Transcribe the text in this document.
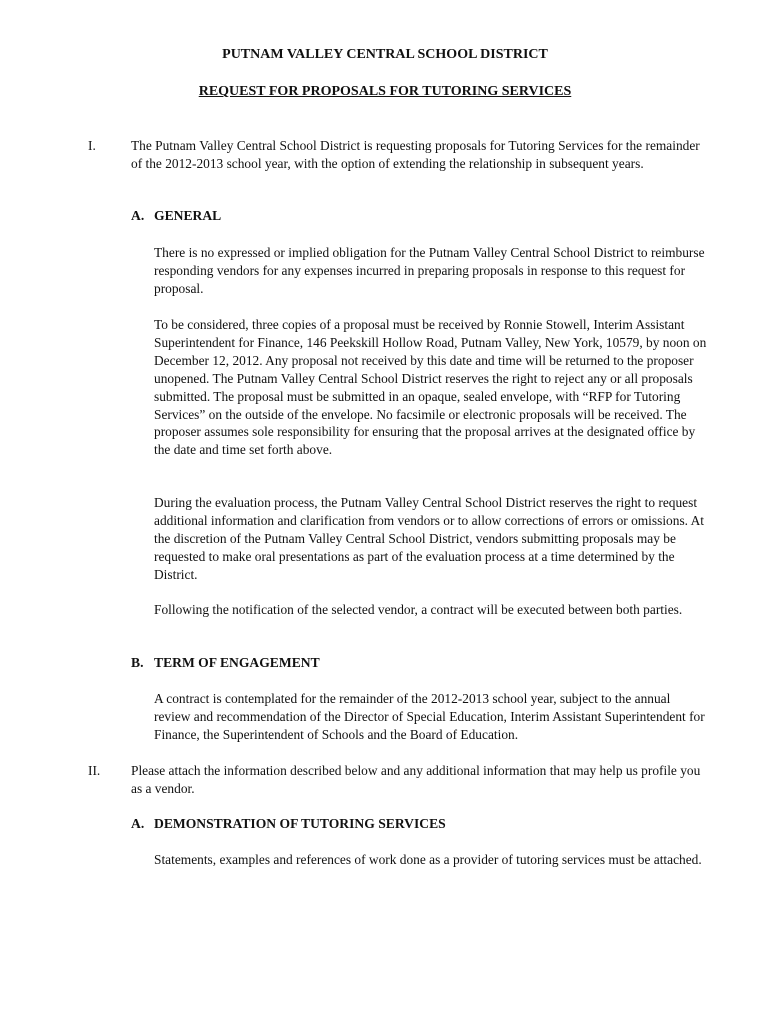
PUTNAM VALLEY CENTRAL SCHOOL DISTRICT
REQUEST FOR PROPOSALS FOR TUTORING SERVICES
I.	The Putnam Valley Central School District is requesting proposals for Tutoring Services for the remainder of the 2012-2013 school year, with the option of extending the relationship in subsequent years.

A. GENERAL

There is no expressed or implied obligation for the Putnam Valley Central School District to reimburse responding vendors for any expenses incurred in preparing proposals in response to this request for proposal.

To be considered, three copies of a proposal must be received by Ronnie Stowell, Interim Assistant Superintendent for Finance, 146 Peekskill Hollow Road, Putnam Valley, New York, 10579, by noon on December 12, 2012. Any proposal not received by this date and time will be returned to the proposer unopened. The Putnam Valley Central School District reserves the right to reject any or all proposals submitted. The proposal must be submitted in an opaque, sealed envelope, with “RFP for Tutoring Services” on the outside of the envelope. No facsimile or electronic proposals will be received. The proposer assumes sole responsibility for ensuring that the proposal arrives at the designated office by the date and time set forth above.

During the evaluation process, the Putnam Valley Central School District reserves the right to request additional information and clarification from vendors or to allow corrections of errors or omissions. At the discretion of the Putnam Valley Central School District, vendors submitting proposals may be requested to make oral presentations as part of the evaluation process at a time determined by the District.

Following the notification of the selected vendor, a contract will be executed between both parties.

B. TERM OF ENGAGEMENT

A contract is contemplated for the remainder of the 2012-2013 school year, subject to the annual review and recommendation of the Director of Special Education, Interim Assistant Superintendent for Finance, the Superintendent of Schools and the Board of Education.

II. Please attach the information described below and any additional information that may help us profile you as a vendor.

A. DEMONSTRATION OF TUTORING SERVICES

Statements, examples and references of work done as a provider of tutoring services must be attached.
